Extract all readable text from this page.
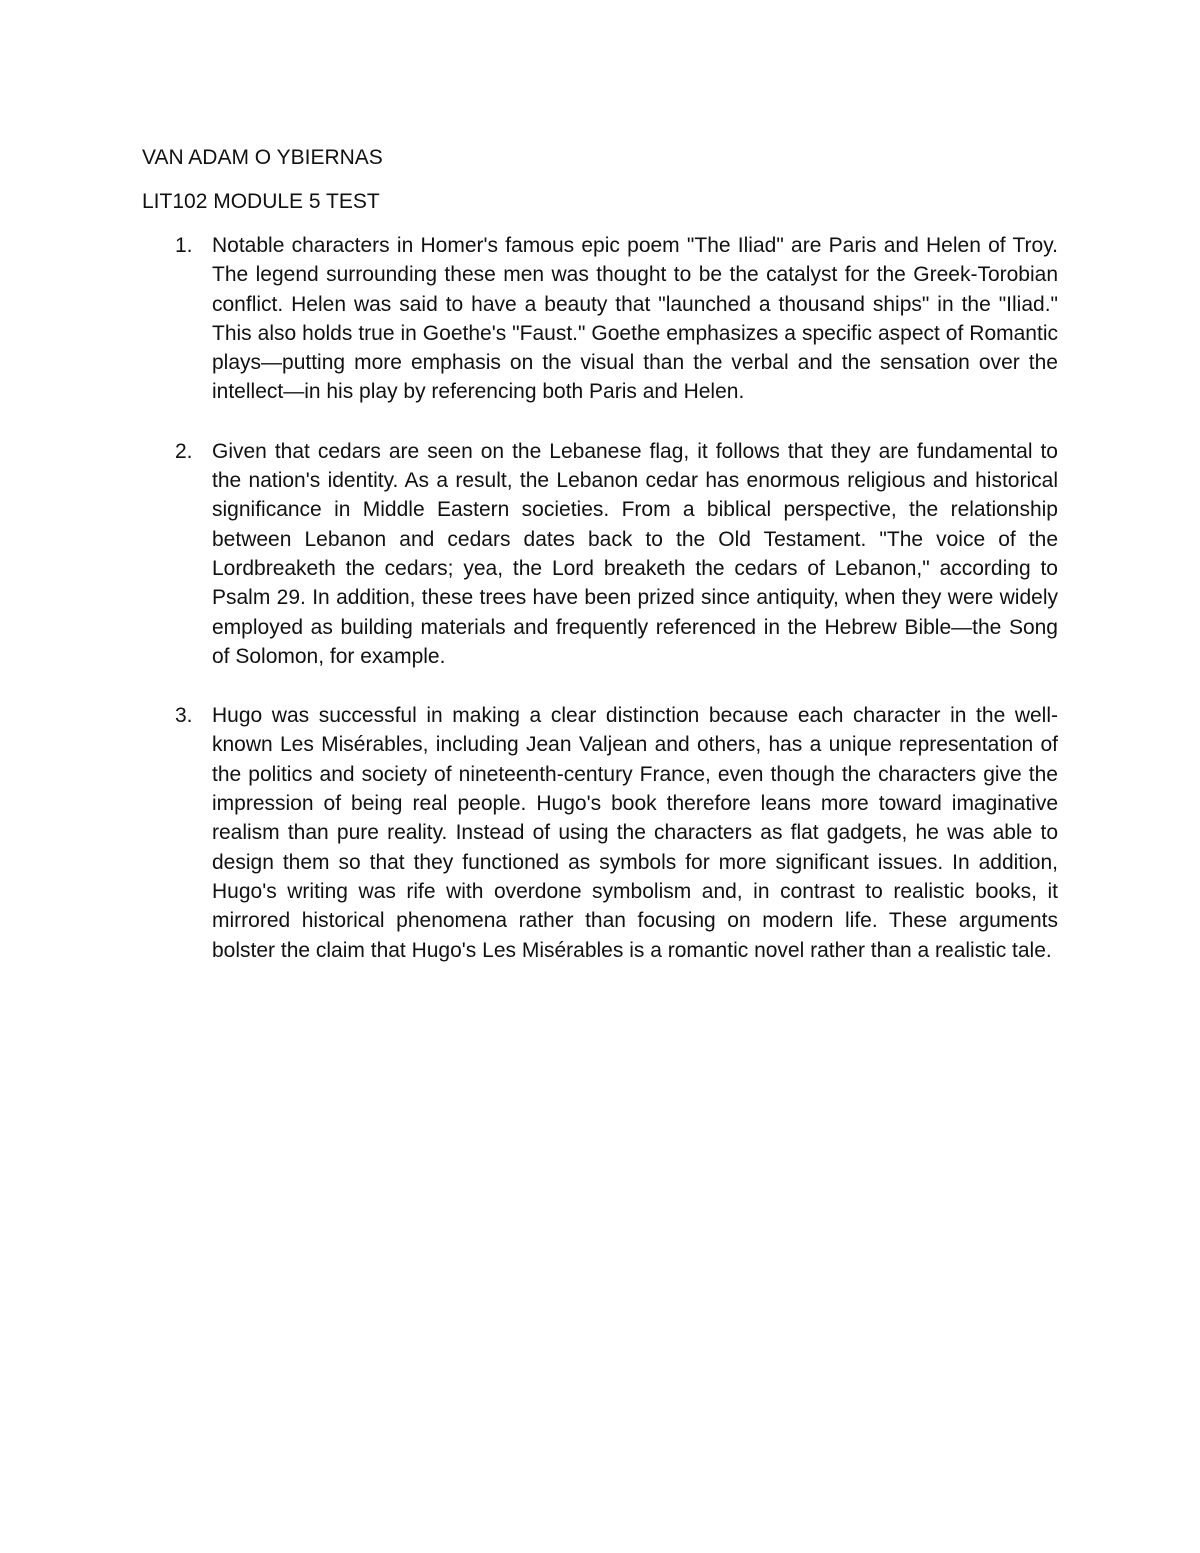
VAN ADAM O YBIERNAS

LIT102 MODULE 5 TEST

1. Notable characters in Homer's famous epic poem "The Iliad" are Paris and Helen of Troy. The legend surrounding these men was thought to be the catalyst for the Greek-Torobian conflict. Helen was said to have a beauty that "launched a thousand ships" in the "Iliad." This also holds true in Goethe's "Faust." Goethe emphasizes a specific aspect of Romantic plays—putting more emphasis on the visual than the verbal and the sensation over the intellect—in his play by referencing both Paris and Helen.
2. Given that cedars are seen on the Lebanese flag, it follows that they are fundamental to the nation's identity. As a result, the Lebanon cedar has enormous religious and historical significance in Middle Eastern societies. From a biblical perspective, the relationship between Lebanon and cedars dates back to the Old Testament. "The voice of the Lordbreaketh the cedars; yea, the Lord breaketh the cedars of Lebanon," according to Psalm 29. In addition, these trees have been prized since antiquity, when they were widely employed as building materials and frequently referenced in the Hebrew Bible—the Song of Solomon, for example.
3. Hugo was successful in making a clear distinction because each character in the well-known Les Misérables, including Jean Valjean and others, has a unique representation of the politics and society of nineteenth-century France, even though the characters give the impression of being real people. Hugo's book therefore leans more toward imaginative realism than pure reality. Instead of using the characters as flat gadgets, he was able to design them so that they functioned as symbols for more significant issues. In addition, Hugo's writing was rife with overdone symbolism and, in contrast to realistic books, it mirrored historical phenomena rather than focusing on modern life. These arguments bolster the claim that Hugo's Les Misérables is a romantic novel rather than a realistic tale.
